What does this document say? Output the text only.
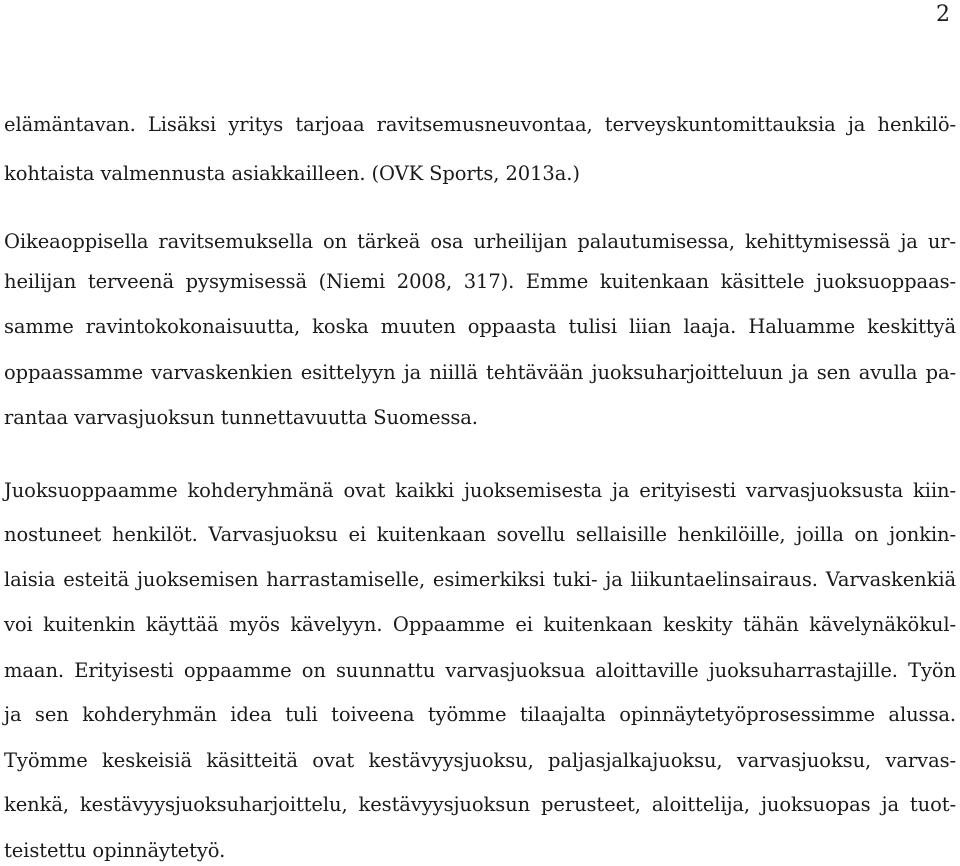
2
elämäntavan. Lisäksi yritys tarjoaa ravitsemusneuvontaa, terveyskuntomittauksia ja henkilö-
kohtaista valmennusta asiakkailleen. (OVK Sports, 2013a.)
Oikeaoppisella ravitsemuksella on tärkeä osa urheilijan palautumisessa, kehittymisessä ja ur-
heilijan terveenä pysymisessä (Niemi 2008, 317). Emme kuitenkaan käsittele juoksuoppaas-
samme ravintokokonaisuutta, koska muuten oppaasta tulisi liian laaja. Haluamme keskittyä
oppaassamme varvaskenkien esittelyyn ja niillä tehtävään juoksuharjoitteluun ja sen avulla pa-
rantaa varvasjuoksun tunnettavuutta Suomessa.
Juoksuoppaamme kohderyhmänä ovat kaikki juoksemisesta ja erityisesti varvasjuoksusta kiin-
nostuneet henkilöt. Varvasjuoksu ei kuitenkaan sovellu sellaisille henkilöille, joilla on jonkin-
laisia esteitä juoksemisen harrastamiselle, esimerkiksi tuki- ja liikuntaelinsairaus. Varvaskenkiä
voi kuitenkin käyttää myös kävelyyn. Oppaamme ei kuitenkaan keskity tähän kävelynäkökul-
maan. Erityisesti oppaamme on suunnattu varvasjuoksua aloittaville juoksuharrastajille. Työn
ja sen kohderyhmän idea tuli toiveena työmme tilaajalta opinnäytetyöprosessimme alussa.
Työmme keskeisiä käsitteitä ovat kestävyysjuoksu, paljasjalkajuoksu, varvasjuoksu, varvas-
kenkä, kestävyysjuoksuharjoittelu, kestävyysjuoksun perusteet, aloittelija, juoksuopas ja tuot-
teistettu opinnäytetyö.
